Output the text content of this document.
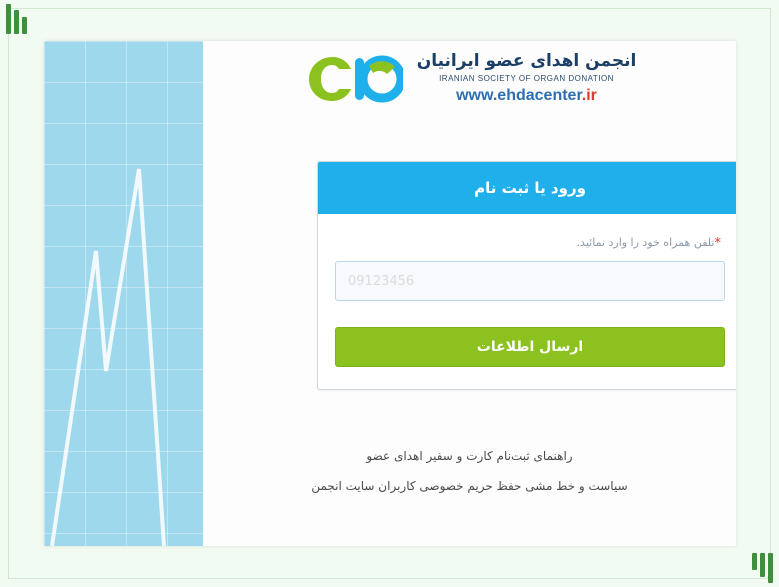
انجمن اهدای عضو ایرانیان
IRANIAN SOCIETY OF ORGAN DONATION
www.ehdacenter.ir
ورود یا ثبت نام
*تلفن همراه خود را وارد نمائید.
09123456 ارسال اطلاعات
راهنمای ثبت‌نام کارت و سفیر اهدای عضو
سیاست و خط مشی حفظ حریم خصوصی کاربران سایت انجمن
